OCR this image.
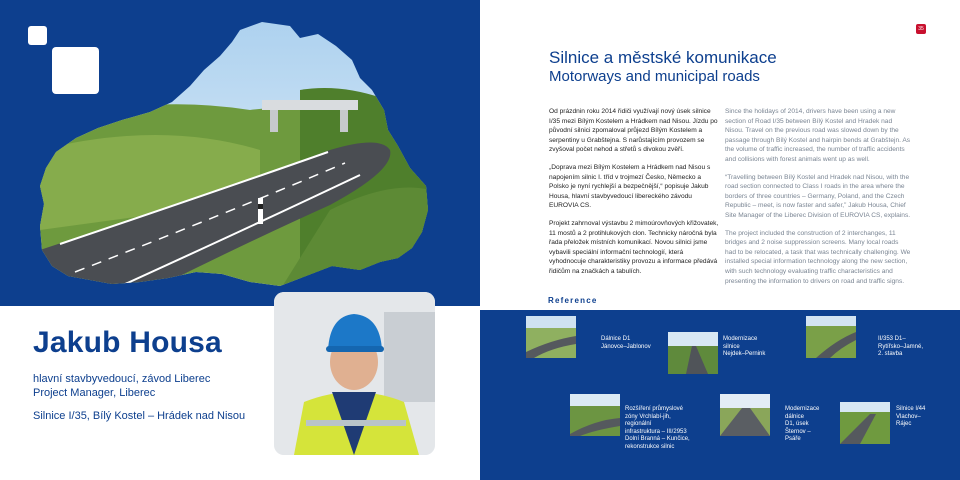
Jakub Housa
hlavní stavbyvedoucí, závod Liberec
Project Manager, Liberec
Silnice I/35, Bílý Kostel – Hrádek nad Nisou
35
Silnice a městské komunikace
Motorways and municipal roads

Od prázdnin roku 2014 řidiči využívají nový úsek silnice I/35 mezi Bílým Kostelem a Hrádkem nad Nisou. Jízdu po původní silnici zpomaloval průjezd Bílým Kostelem a serpentiny u Grabštejna. S narůstajícím provozem se zvyšoval počet nehod a střetů s divokou zvěří.

„Doprava mezi Bílým Kostelem a Hrádkem nad Nisou s napojením silnic I. tříd v trojmezí Česko, Německo a Polsko je nyní rychlejší a bezpečnější,“ popisuje Jakub Housa, hlavní stavbyvedoucí libereckého závodu EUROVIA CS.

Projekt zahrnoval výstavbu 2 mimoúrovňových křižovatek, 11 mostů a 2 protihlukových clon. Technicky náročná byla řada přeložek místních komunikací. Novou silnici jsme vybavili speciální informační technologií, která vyhodnocuje charakteristiky provozu a informace předává řidičům na značkách a tabulích.

Since the holidays of 2014, drivers have been using a new section of Road I/35 between Bílý Kostel and Hradek nad Nisou. Travel on the previous road was slowed down by the passage through Bílý Kostel and hairpin bends at Grabštejn. As the volume of traffic increased, the number of traffic accidents and collisions with forest animals went up as well.

“Travelling between Bílý Kostel and Hradek nad Nisou, with the road section connected to Class I roads in the area where the borders of three countries – Germany, Poland, and the Czech Republic – meet, is now faster and safer,” Jakub Housa, Chief Site Manager of the Liberec Division of EUROVIA CS, explains.

The project included the construction of 2 interchanges, 11 bridges and 2 noise suppression screens. Many local roads had to be relocated, a task that was technically challenging. We installed special information technology along the new section, with such technology evaluating traffic characteristics and presenting the information to drivers on road and traffic signs.

Reference
Dálnice D1
Jánovce–Jablonov
Modernizace
silnice
Nejdek–Pernink
II/353 D1–
Rytířsko–Jamné,
2. stavba
Rozšíření průmyslové
zóny Vrchlabí-jih,
regionální
infrastruktura – III/2953
Dolní Branná – Kunčice,
rekonstrukce silnic
Modernizace
dálnice
D1, úsek
Šternov –
Psáře
Silnice I/44
Vlachov–
Rájec
